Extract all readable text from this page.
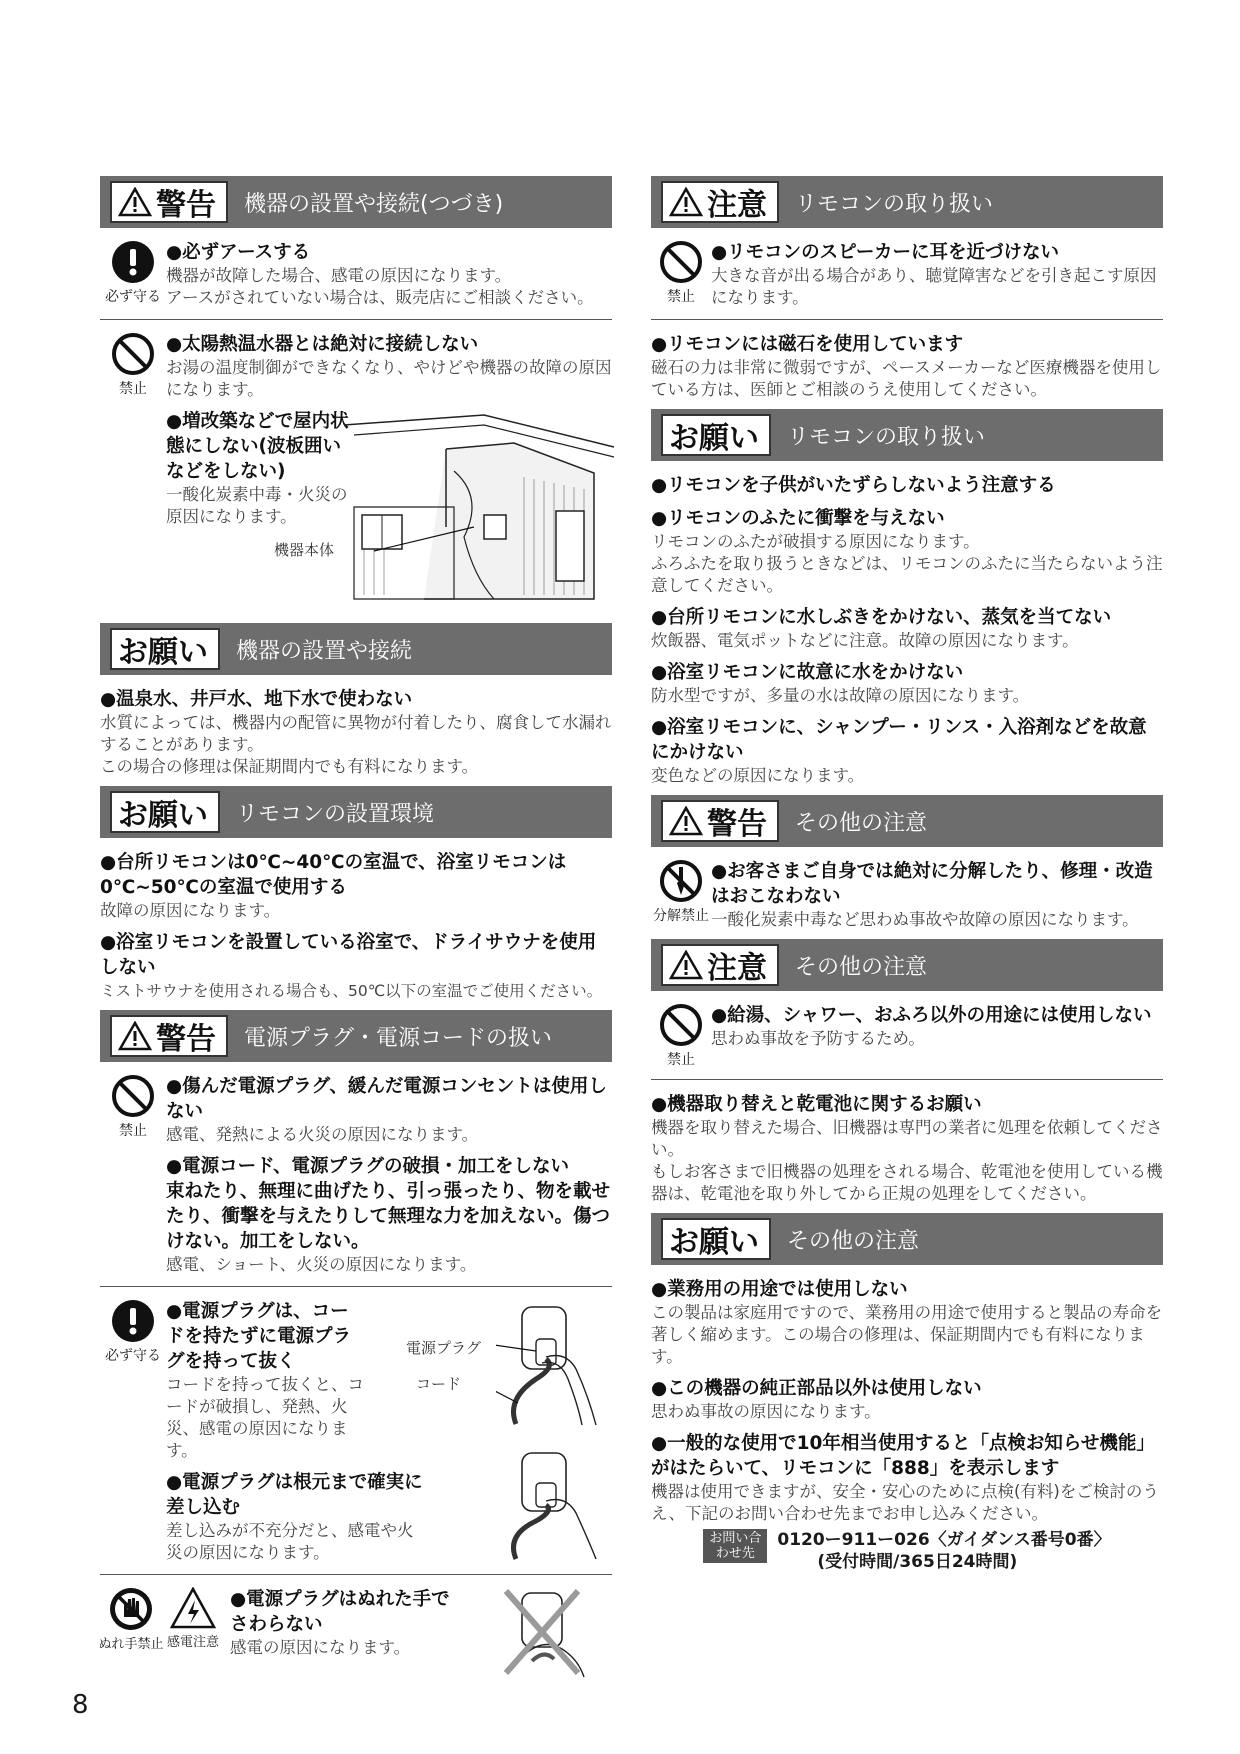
警告 機器の設置や接続(つづき)
必ず守る
●必ずアースする
機器が故障した場合、感電の原因になります。
アースがされていない場合は、販売店にご相談ください。
禁止
●太陽熱温水器とは絶対に接続しない
お湯の温度制御ができなくなり、やけどや機器の故障の原因になります。
●増改築などで屋内状態にしない(波板囲いなどをしない)
一酸化炭素中毒・火災の原因になります。
機器本体
お願い 機器の設置や接続
●温泉水、井戸水、地下水で使わない
水質によっては、機器内の配管に異物が付着したり、腐食して水漏れすることがあります。
この場合の修理は保証期間内でも有料になります。
お願い リモコンの設置環境
●台所リモコンは0℃~40℃の室温で、浴室リモコンは0℃~50℃の室温で使用する
故障の原因になります。
●浴室リモコンを設置している浴室で、ドライサウナを使用しない
ミストサウナを使用される場合も、50℃以下の室温でご使用ください。
警告 電源プラグ・電源コードの扱い
禁止
●傷んだ電源プラグ、緩んだ電源コンセントは使用しない
感電、発熱による火災の原因になります。
●電源コード、電源プラグの破損・加工をしない
束ねたり、無理に曲げたり、引っ張ったり、物を載せたり、衝撃を与えたりして無理な力を加えない。傷つけない。加工をしない。
感電、ショート、火災の原因になります。
必ず守る
●電源プラグは、コードを持たずに電源プラグを持って抜く
コードを持って抜くと、コードが破損し、発熱、火災、感電の原因になります。
電源プラグ
コード
●電源プラグは根元まで確実に差し込む
差し込みが不充分だと、感電や火災の原因になります。
ぬれ手禁止 感電注意
●電源プラグはぬれた手でさわらない
感電の原因になります。
注意 リモコンの取り扱い
禁止
●リモコンのスピーカーに耳を近づけない
大きな音が出る場合があり、聴覚障害などを引き起こす原因になります。
●リモコンには磁石を使用しています
磁石の力は非常に微弱ですが、ペースメーカーなど医療機器を使用している方は、医師とご相談のうえ使用してください。
お願い リモコンの取り扱い
●リモコンを子供がいたずらしないよう注意する
●リモコンのふたに衝撃を与えない
リモコンのふたが破損する原因になります。
ふろふたを取り扱うときなどは、リモコンのふたに当たらないよう注意してください。
●台所リモコンに水しぶきをかけない、蒸気を当てない
炊飯器、電気ポットなどに注意。故障の原因になります。
●浴室リモコンに故意に水をかけない
防水型ですが、多量の水は故障の原因になります。
●浴室リモコンに、シャンプー・リンス・入浴剤などを故意にかけない
変色などの原因になります。
警告 その他の注意
分解禁止
●お客さまご自身では絶対に分解したり、修理・改造はおこなわない
一酸化炭素中毒など思わぬ事故や故障の原因になります。
注意 その他の注意
禁止
●給湯、シャワー、おふろ以外の用途には使用しない
思わぬ事故を予防するため。
●機器取り替えと乾電池に関するお願い
機器を取り替えた場合、旧機器は専門の業者に処理を依頼してください。
もしお客さまで旧機器の処理をされる場合、乾電池を使用している機器は、乾電池を取り外してから正規の処理をしてください。
お願い その他の注意
●業務用の用途では使用しない
この製品は家庭用ですので、業務用の用途で使用すると製品の寿命を著しく縮めます。この場合の修理は、保証期間内でも有料になります。
●この機器の純正部品以外は使用しない
思わぬ事故の原因になります。
●一般的な使用で10年相当使用すると「点検お知らせ機能」がはたらいて、リモコンに「888」を表示します
機器は使用できますが、安全・安心のために点検(有料)をご検討のうえ、下記のお問い合わせ先までお申し込みください。
お問い合わせ先
0120ー911ー026〈ガイダンス番号0番〉
(受付時間/365日24時間)
8
